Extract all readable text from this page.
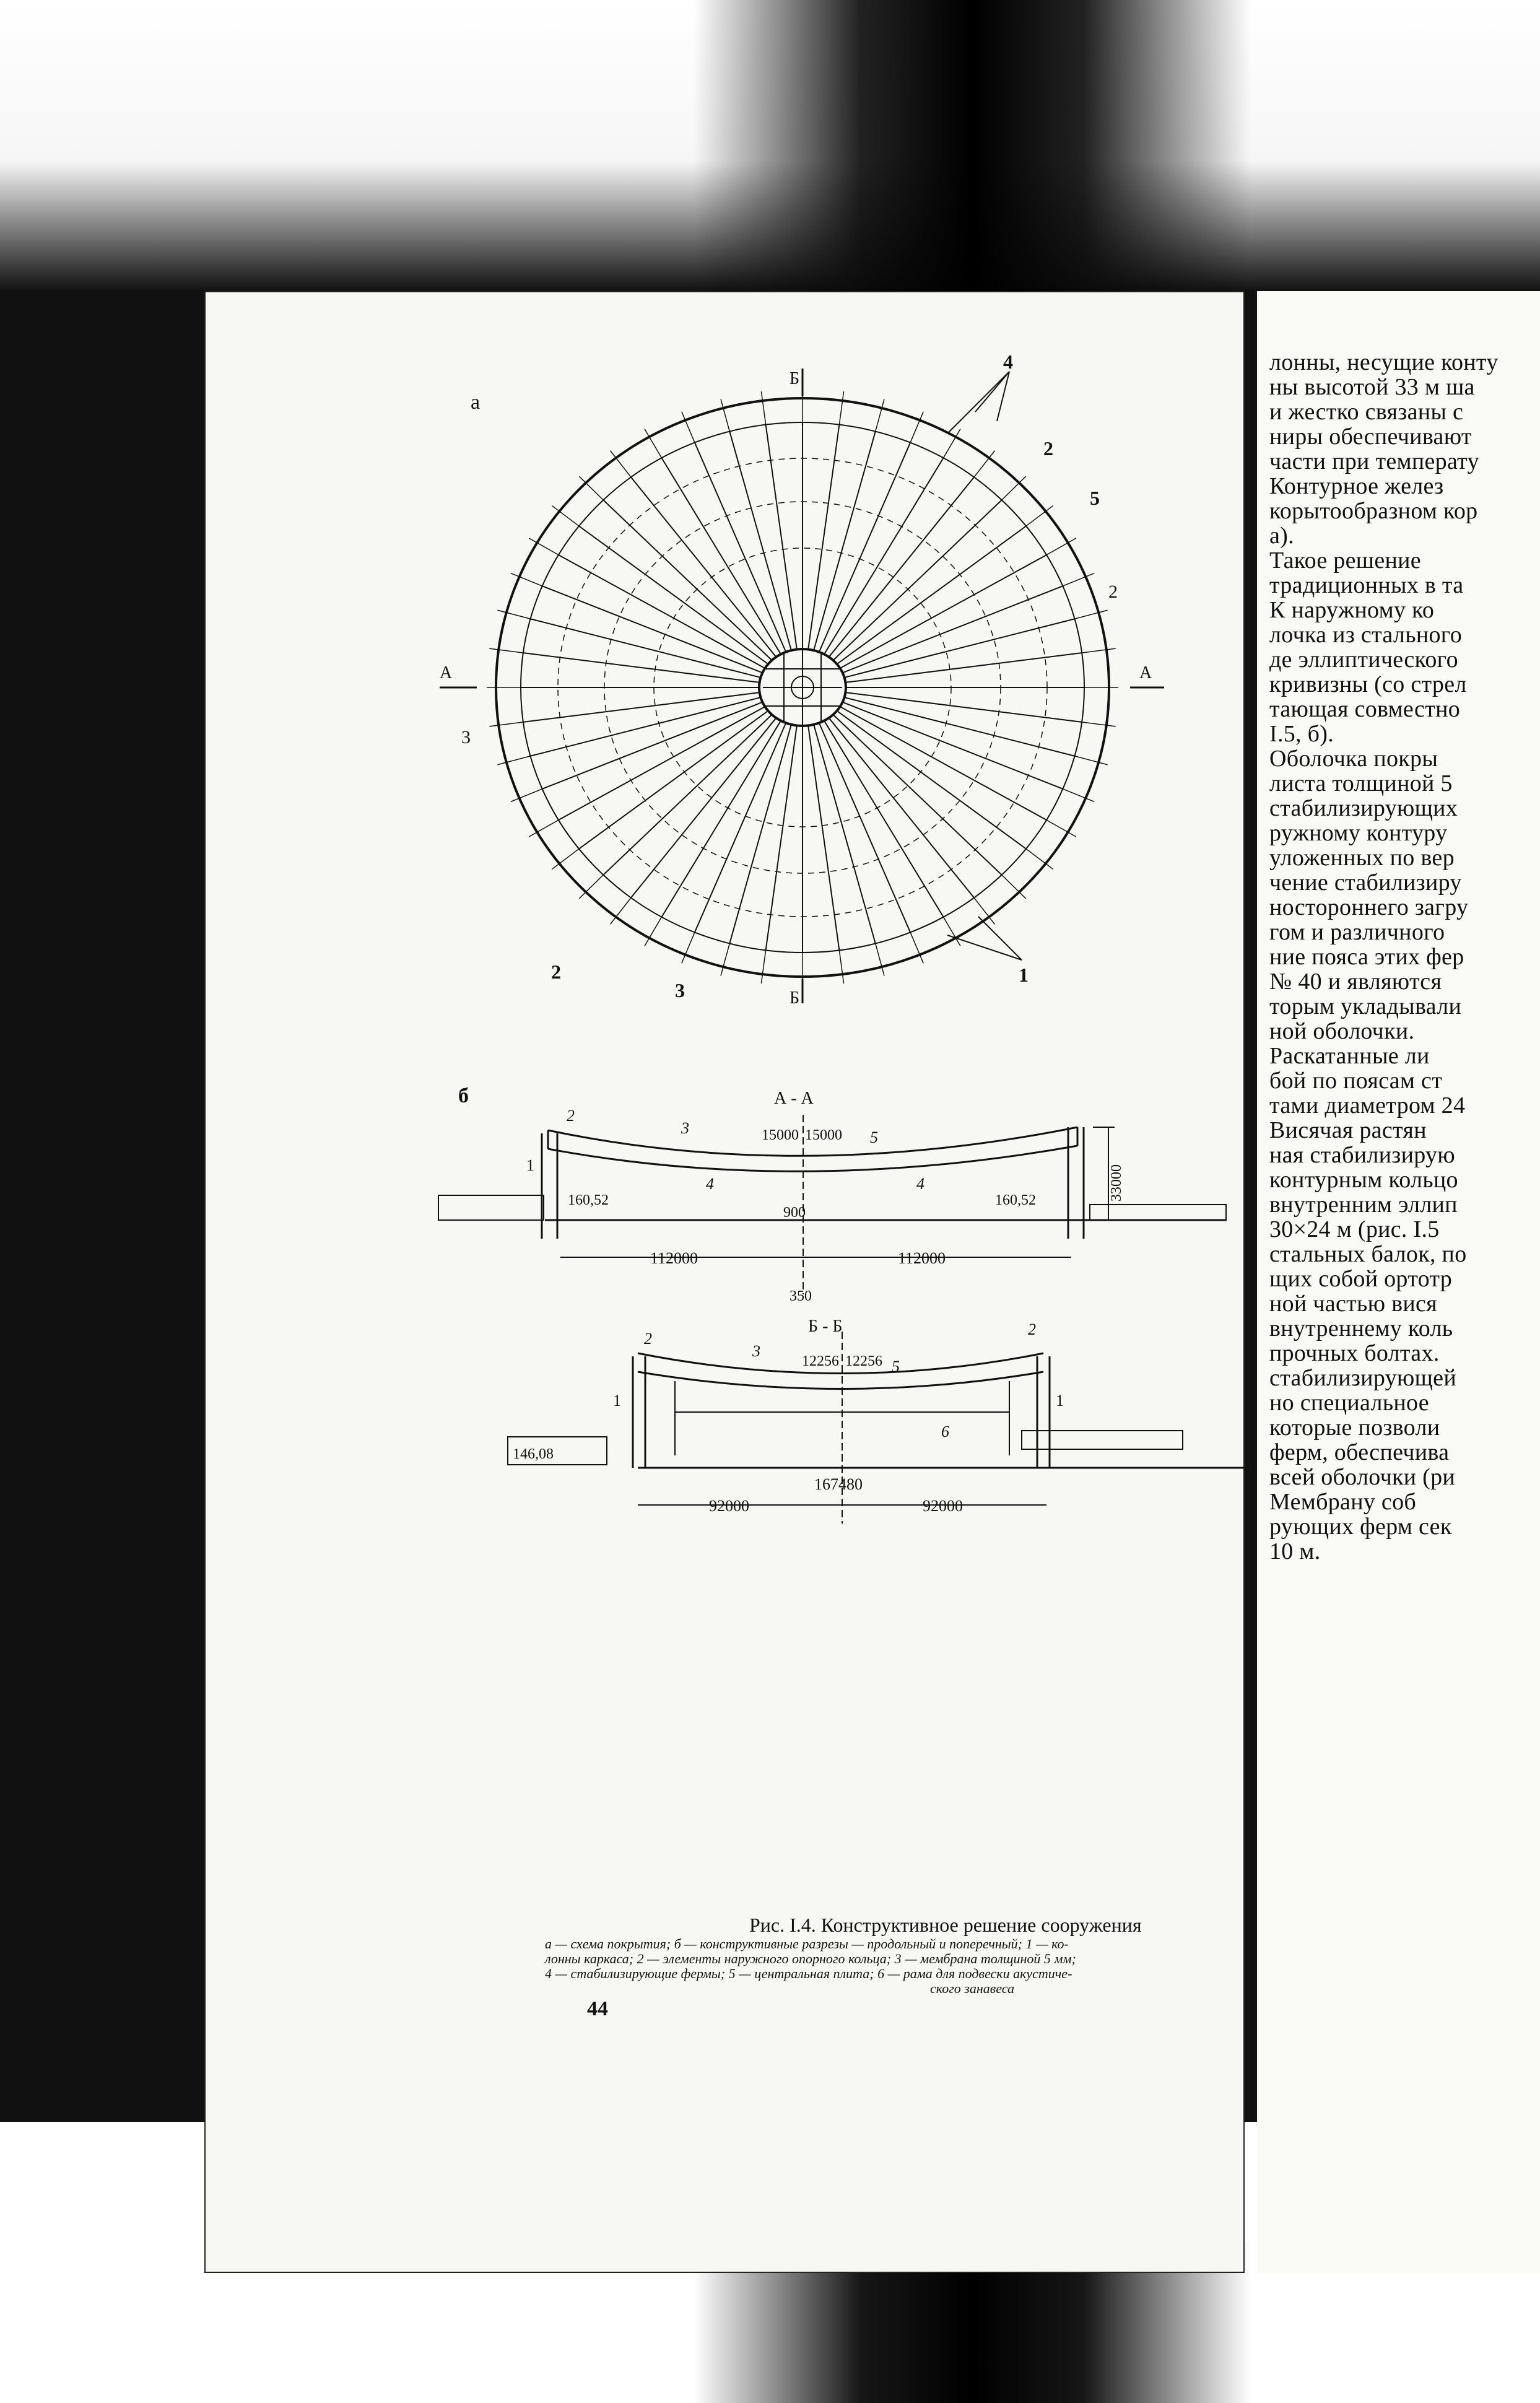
а
Б
Б
А	А
4
2
5
2
3
2
3
1
б	А - А
15000 15000
160,52	160,52	33000
900
112000	112000
350
1
2
3
4	4
5
Б - Б
12256 12256
146,08
167480
92000	92000
1	1
2
2
3
5
6
Рис. I.4. Конструктивное решение сооружения
а — схема покрытия; б — конструктивные разрезы — продольный и поперечный; 1 — ко-
лонны каркаса; 2 — элементы наружного опорного кольца; 3 — мембрана толщиной 5 мм;
4 — стабилизирующие фермы; 5 — центральная плита; 6 — рама для подвески акустиче-
ского занавеса
44
лонны, несущие конту
ны высотой 33 м ша
и жестко связаны с
ниры обеспечивают
части при температу
Контурное желез
корытообразном кор
а).
Такое решение
традиционных в та
К наружному ко
лочка из стального
де эллиптического
кривизны (со стрел
тающая совместно
I.5, б).
Оболочка покры
листа толщиной 5
стабилизирующих
ружному контуру
уложенных по вер
чение стабилизиру
ностороннего загру
гом и различного
ние пояса этих фер
№ 40 и являются
торым укладывали
ной оболочки.
Раскатанные ли
бой по поясам ст
тами диаметром 24
Висячая растян
ная стабилизирую
контурным кольцо
внутренним эллип
30×24 м (рис. I.5
стальных балок, по
щих собой ортотр
ной частью вися
внутреннему коль
прочных болтах.
стабилизирующей
но специальное
которые позволи
ферм, обеспечива
всей оболочки (ри
Мембрану соб
рующих ферм сек
10 м.
